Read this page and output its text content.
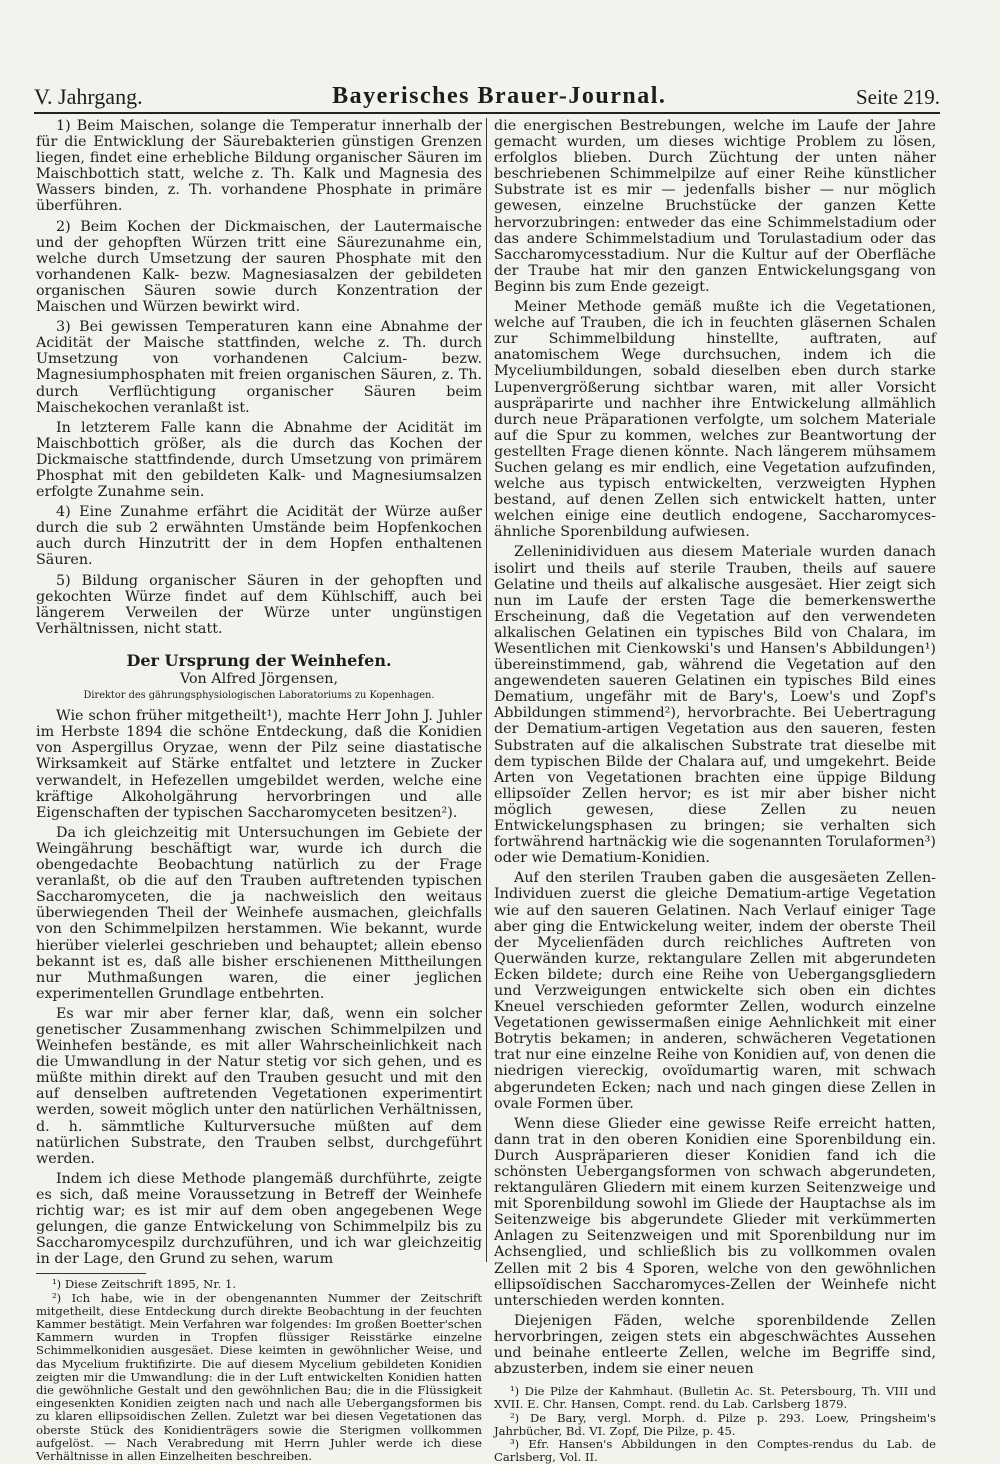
V. Jahrgang.	Bayerisches Brauer-Journal.	Seite 219.

1) Beim Maischen, solange die Temperatur innerhalb der für die Entwicklung der Säurebakterien günstigen Grenzen liegen, findet eine erhebliche Bildung organischer Säuren im Maischbottich statt, welche z. Th. Kalk und Magnesia des Wassers binden, z. Th. vorhandene Phosphate in primäre überführen.

2) Beim Kochen der Dickmaischen, der Lautermaische und der gehopften Würzen tritt eine Säurezunahme ein, welche durch Umsetzung der sauren Phosphate mit den vorhandenen Kalk- bezw. Magnesiasalzen der gebildeten organischen Säuren sowie durch Konzentration der Maischen und Würzen bewirkt wird.

3) Bei gewissen Temperaturen kann eine Abnahme der Acidität der Maische stattfinden, welche z. Th. durch Umsetzung von vorhandenen Calcium- bezw. Magnesiumphosphaten mit freien organischen Säuren, z. Th. durch Verflüchtigung organischer Säuren beim Maischekochen veranlaßt ist.

In letzterem Falle kann die Abnahme der Acidität im Maischbottich größer, als die durch das Kochen der Dickmaische stattfindende, durch Umsetzung von primärem Phosphat mit den gebildeten Kalk- und Magnesiumsalzen erfolgte Zunahme sein.

4) Eine Zunahme erfährt die Acidität der Würze außer durch die sub 2 erwähnten Umstände beim Hopfenkochen auch durch Hinzutritt der in dem Hopfen enthaltenen Säuren.

5) Bildung organischer Säuren in der gehopften und gekochten Würze findet auf dem Kühlschiff, auch bei längerem Verweilen der Würze unter ungünstigen Verhältnissen, nicht statt.

Der Ursprung der Weinhefen.

Von Alfred Jörgensen,

Direktor des gährungsphysiologischen Laboratoriums zu Kopenhagen.

Wie schon früher mitgetheilt¹), machte Herr John J. Juhler im Herbste 1894 die schöne Entdeckung, daß die Konidien von Aspergillus Oryzae, wenn der Pilz seine diastatische Wirksamkeit auf Stärke entfaltet und letztere in Zucker verwandelt, in Hefezellen umgebildet werden, welche eine kräftige Alkoholgährung hervorbringen und alle Eigenschaften der typischen Saccharomyceten besitzen²).

Da ich gleichzeitig mit Untersuchungen im Gebiete der Weingährung beschäftigt war, wurde ich durch die obengedachte Beobachtung natürlich zu der Frage veranlaßt, ob die auf den Trauben auftretenden typischen Saccharomyceten, die ja nachweislich den weitaus überwiegenden Theil der Weinhefe ausmachen, gleichfalls von den Schimmelpilzen herstammen. Wie bekannt, wurde hierüber vielerlei geschrieben und behauptet; allein ebenso bekannt ist es, daß alle bisher erschienenen Mittheilungen nur Muthmaßungen waren, die einer jeglichen experimentellen Grundlage entbehrten.

Es war mir aber ferner klar, daß, wenn ein solcher genetischer Zusammenhang zwischen Schimmelpilzen und Weinhefen bestände, es mit aller Wahrscheinlichkeit nach die Umwandlung in der Natur stetig vor sich gehen, und es müßte mithin direkt auf den Trauben gesucht und mit den auf denselben auftretenden Vegetationen experimentirt werden, soweit möglich unter den natürlichen Verhältnissen, d. h. sämmtliche Kulturversuche müßten auf dem natürlichen Substrate, den Trauben selbst, durchgeführt werden.

Indem ich diese Methode plangemäß durchführte, zeigte es sich, daß meine Voraussetzung in Betreff der Weinhefe richtig war; es ist mir auf dem oben angegebenen Wege gelungen, die ganze Entwickelung von Schimmelpilz bis zu Saccharomycespilz durchzuführen, und ich war gleichzeitig in der Lage, den Grund zu sehen, warum

¹) Diese Zeitschrift 1895, Nr. 1.

²) Ich habe, wie in der obengenannten Nummer der Zeitschrift mitgetheilt, diese Entdeckung durch direkte Beobachtung in der feuchten Kammer bestätigt. Mein Verfahren war folgendes: Im großen Boetter'schen Kammern wurden in Tropfen flüssiger Reisstärke einzelne Schimmelkonidien ausgesäet. Diese keimten in gewöhnlicher Weise, und das Mycelium fruktifizirte. Die auf diesem Mycelium gebildeten Konidien zeigten mir die Umwandlung: die in der Luft entwickelten Konidien hatten die gewöhnliche Gestalt und den gewöhnlichen Bau; die in die Flüssigkeit eingesenkten Konidien zeigten nach und nach alle Uebergangsformen bis zu klaren ellipsoidischen Zellen. Zuletzt war bei diesen Vegetationen das oberste Stück des Konidienträgers sowie die Sterigmen vollkommen aufgelöst. — Nach Verabredung mit Herrn Juhler werde ich diese Verhältnisse in allen Einzelheiten beschreiben.

die energischen Bestrebungen, welche im Laufe der Jahre gemacht wurden, um dieses wichtige Problem zu lösen, erfolglos blieben. Durch Züchtung der unten näher beschriebenen Schimmelpilze auf einer Reihe künstlicher Substrate ist es mir — jedenfalls bisher — nur möglich gewesen, einzelne Bruchstücke der ganzen Kette hervorzubringen: entweder das eine Schimmelstadium oder das andere Schimmelstadium und Torulastadium oder das Saccharomycesstadium. Nur die Kultur auf der Oberfläche der Traube hat mir den ganzen Entwickelungsgang von Beginn bis zum Ende gezeigt.

Meiner Methode gemäß mußte ich die Vegetationen, welche auf Trauben, die ich in feuchten gläsernen Schalen zur Schimmelbildung hinstellte, auftraten, auf anatomischem Wege durchsuchen, indem ich die Myceliumbildungen, sobald dieselben eben durch starke Lupenvergrößerung sichtbar waren, mit aller Vorsicht auspräparirte und nachher ihre Entwickelung allmählich durch neue Präparationen verfolgte, um solchem Materiale auf die Spur zu kommen, welches zur Beantwortung der gestellten Frage dienen könnte. Nach längerem mühsamem Suchen gelang es mir endlich, eine Vegetation aufzufinden, welche aus typisch entwickelten, verzweigten Hyphen bestand, auf denen Zellen sich entwickelt hatten, unter welchen einige eine deutlich endogene, Saccharomyces-ähnliche Sporenbildung aufwiesen.

Zelleninidividuen aus diesem Materiale wurden danach isolirt und theils auf sterile Trauben, theils auf sauere Gelatine und theils auf alkalische ausgesäet. Hier zeigt sich nun im Laufe der ersten Tage die bemerkenswerthe Erscheinung, daß die Vegetation auf den verwendeten alkalischen Gelatinen ein typisches Bild von Chalara, im Wesentlichen mit Cienkowski's und Hansen's Abbildungen¹) übereinstimmend, gab, während die Vegetation auf den angewendeten saueren Gelatinen ein typisches Bild eines Dematium, ungefähr mit de Bary's, Loew's und Zopf's Abbildungen stimmend²), hervorbrachte. Bei Uebertragung der Dematium-artigen Vegetation aus den saueren, festen Substraten auf die alkalischen Substrate trat dieselbe mit dem typischen Bilde der Chalara auf, und umgekehrt. Beide Arten von Vegetationen brachten eine üppige Bildung ellipsoïder Zellen hervor; es ist mir aber bisher nicht möglich gewesen, diese Zellen zu neuen Entwickelungsphasen zu bringen; sie verhalten sich fortwährend hartnäckig wie die sogenannten Torulaformen³) oder wie Dematium-Konidien.

Auf den sterilen Trauben gaben die ausgesäeten Zellen-Individuen zuerst die gleiche Dematium-artige Vegetation wie auf den saueren Gelatinen. Nach Verlauf einiger Tage aber ging die Entwickelung weiter, indem der oberste Theil der Mycelienfäden durch reichliches Auftreten von Querwänden kurze, rektangulare Zellen mit abgerundeten Ecken bildete; durch eine Reihe von Uebergangsgliedern und Verzweigungen entwickelte sich oben ein dichtes Kneuel verschieden geformter Zellen, wodurch einzelne Vegetationen gewissermaßen einige Aehnlichkeit mit einer Botrytis bekamen; in anderen, schwächeren Vegetationen trat nur eine einzelne Reihe von Konidien auf, von denen die niedrigen viereckig, ovoïdumartig waren, mit schwach abgerundeten Ecken; nach und nach gingen diese Zellen in ovale Formen über.

Wenn diese Glieder eine gewisse Reife erreicht hatten, dann trat in den oberen Konidien eine Sporenbildung ein. Durch Auspräparieren dieser Konidien fand ich die schönsten Uebergangsformen von schwach abgerundeten, rektangulären Gliedern mit einem kurzen Seitenzweige und mit Sporenbildung sowohl im Gliede der Hauptachse als im Seitenzweige bis abgerundete Glieder mit verkümmerten Anlagen zu Seitenzweigen und mit Sporenbildung nur im Achsenglied, und schließlich bis zu vollkommen ovalen Zellen mit 2 bis 4 Sporen, welche von den gewöhnlichen ellipsoïdischen Saccharomyces-Zellen der Weinhefe nicht unterschieden werden konnten.

Diejenigen Fäden, welche sporenbildende Zellen hervorbringen, zeigen stets ein abgeschwächtes Aussehen und beinahe entleerte Zellen, welche im Begriffe sind, abzusterben, indem sie einer neuen

¹) Die Pilze der Kahmhaut. (Bulletin Ac. St. Petersbourg, Th. VIII und XVII. E. Chr. Hansen, Compt. rend. du Lab. Carlsberg 1879.

²) De Bary, vergl. Morph. d. Pilze p. 293. Loew, Pringsheim's Jahrbücher, Bd. VI. Zopf, Die Pilze, p. 45.

³) Efr. Hansen's Abbildungen in den Comptes-rendus du Lab. de Carlsberg, Vol. II.
